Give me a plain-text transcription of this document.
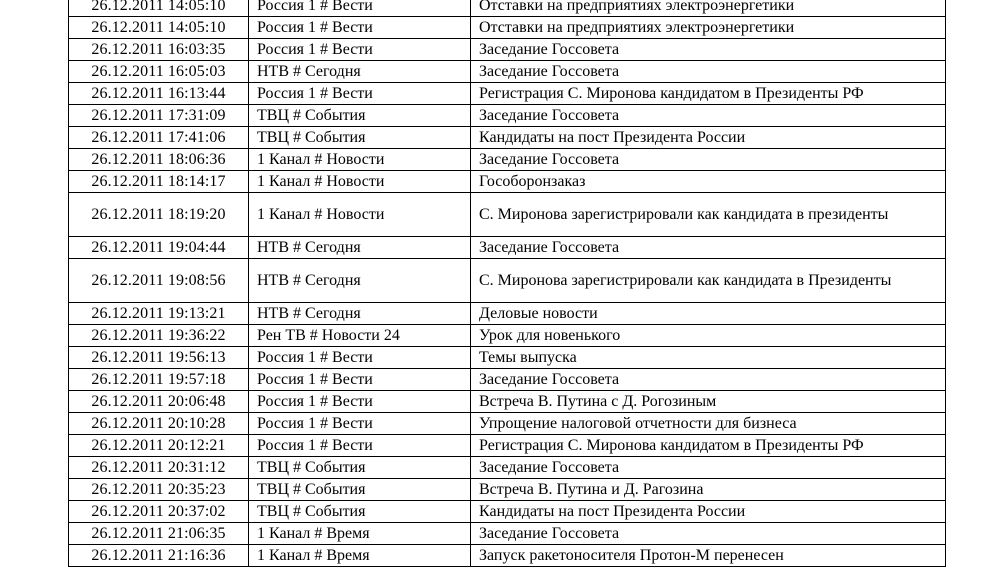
26.12.2011 14:05:10	Россия 1 # Вести	Отставки на предприятиях электроэнергетики
26.12.2011 14:05:10	Россия 1 # Вести	Отставки на предприятиях электроэнергетики
26.12.2011 16:03:35	Россия 1 # Вести	Заседание Госсовета
26.12.2011 16:05:03	НТВ # Сегодня	Заседание Госсовета
26.12.2011 16:13:44	Россия 1 # Вести	Регистрация С. Миронова кандидатом в Президенты РФ
26.12.2011 17:31:09	ТВЦ # События	Заседание Госсовета
26.12.2011 17:41:06	ТВЦ # События	Кандидаты на пост Президента России
26.12.2011 18:06:36	1 Канал # Новости	Заседание Госсовета
26.12.2011 18:14:17	1 Канал # Новости	Гособоронзаказ
26.12.2011 18:19:20	1 Канал # Новости	С. Миронова зарегистрировали как кандидата в президенты
26.12.2011 19:04:44	НТВ # Сегодня	Заседание Госсовета
26.12.2011 19:08:56	НТВ # Сегодня	С. Миронова зарегистрировали как кандидата в Президенты
26.12.2011 19:13:21	НТВ # Сегодня	Деловые новости
26.12.2011 19:36:22	Рен ТВ # Новости 24	Урок для новенького
26.12.2011 19:56:13	Россия 1 # Вести	Темы выпуска
26.12.2011 19:57:18	Россия 1 # Вести	Заседание Госсовета
26.12.2011 20:06:48	Россия 1 # Вести	Встреча В. Путина с Д. Рогозиным
26.12.2011 20:10:28	Россия 1 # Вести	Упрощение налоговой отчетности для бизнеса
26.12.2011 20:12:21	Россия 1 # Вести	Регистрация С. Миронова кандидатом в Президенты РФ
26.12.2011 20:31:12	ТВЦ # События	Заседание Госсовета
26.12.2011 20:35:23	ТВЦ # События	Встреча В. Путина и Д. Рагозина
26.12.2011 20:37:02	ТВЦ # События	Кандидаты на пост Президента России
26.12.2011 21:06:35	1 Канал # Время	Заседание Госсовета
26.12.2011 21:16:36	1 Канал # Время	Запуск ракетоносителя Протон-М перенесен
